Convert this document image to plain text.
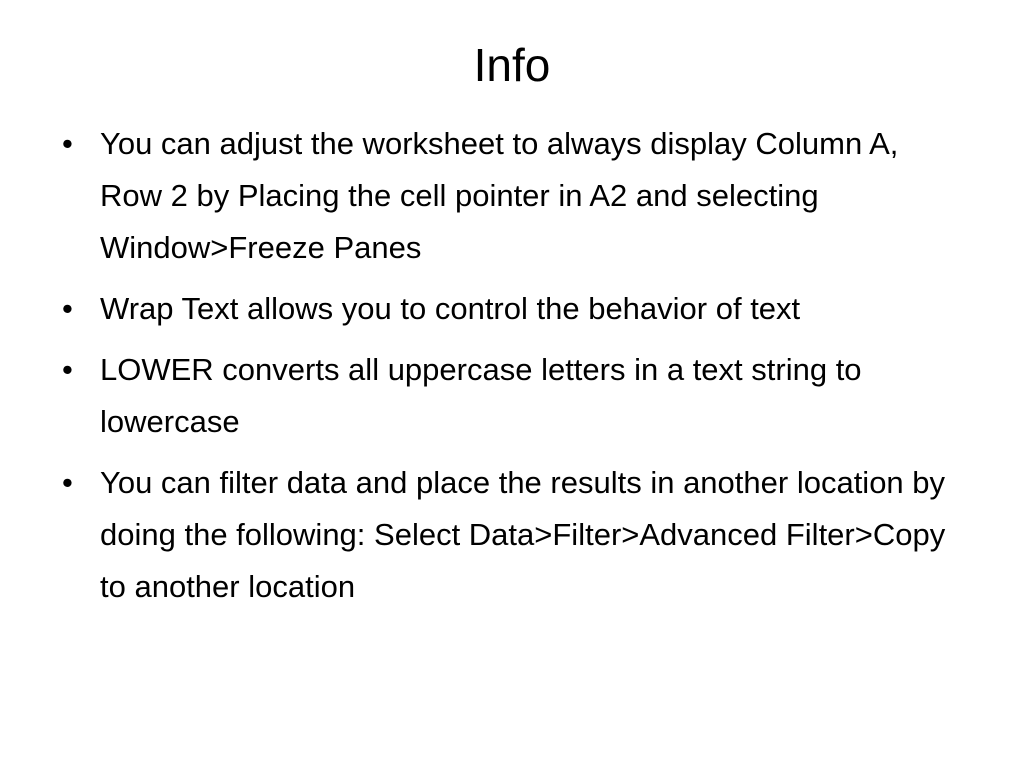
Info
• You can adjust the worksheet to always display Column A, Row 2 by Placing the cell pointer in A2 and selecting Window>Freeze Panes
• Wrap Text allows you to control the behavior of text
• LOWER converts all uppercase letters in a text string to lowercase
• You can filter data and place the results in another location by doing the following: Select Data>Filter>Advanced Filter>Copy to another location
